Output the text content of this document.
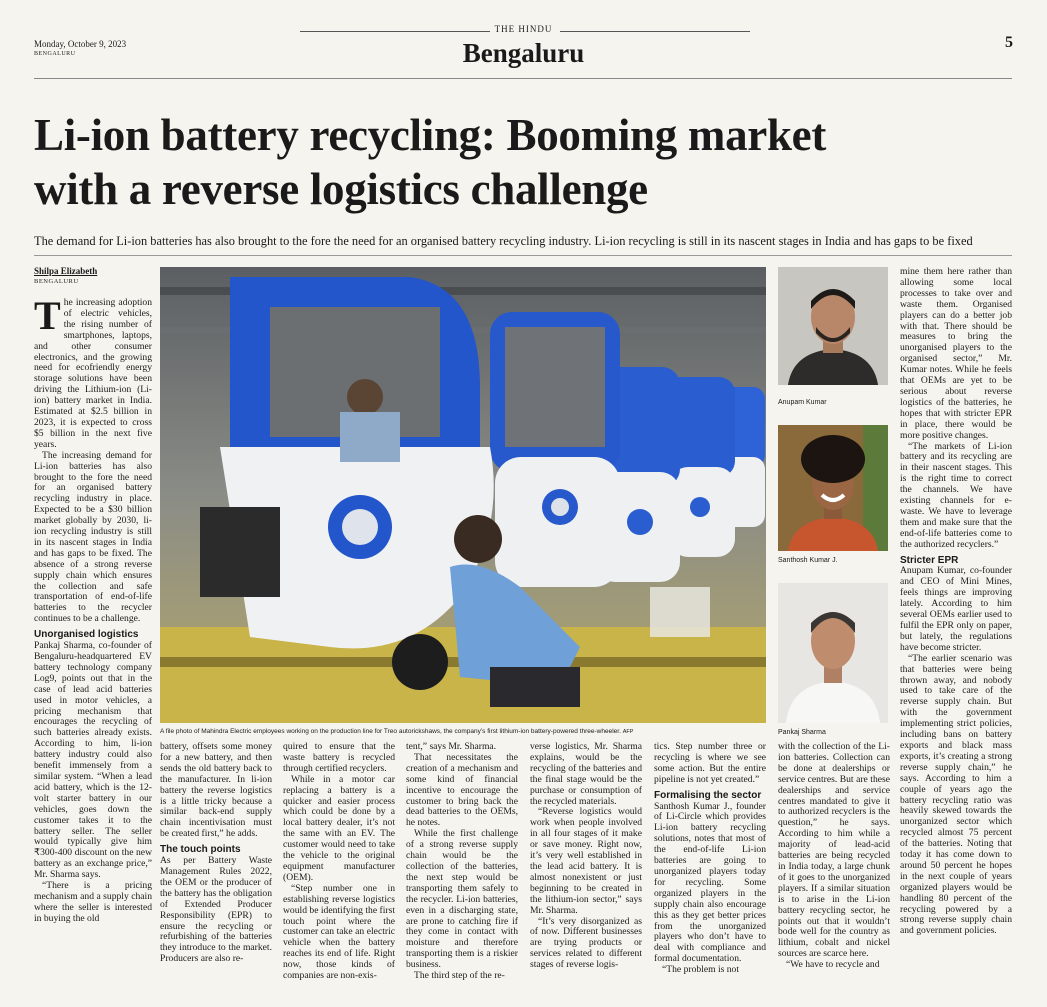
Monday, October 9, 2023
BENGALURU
THE HINDU
Bengaluru	5
Li-ion battery recycling: Booming market
with a reverse logistics challenge
The demand for Li-ion batteries has also brought to the fore the need for an organised battery recycling industry. Li-ion recycling is still in its nascent stages in India and has gaps to be fixed
Shilpa Elizabeth
BENGALURU
T he increasing adoption of electric vehicles, the rising number of smartphones, laptops, and other consumer electronics, and the growing need for ecofriendly energy storage solutions have been driving the Lithium-ion (Li-ion) battery market in India. Estimated at $2.5 billion in 2023, it is expected to cross $5 billion in the next five years.

The increasing demand for Li-ion batteries has also brought to the fore the need for an organised battery recycling industry in place. Expected to be a $30 billion market globally by 2030, li-ion recycling industry is still in its nascent stages in India and has gaps to be fixed. The absence of a strong reverse supply chain which ensures the collection and safe transportation of end-of-life batteries to the recycler continues to be a challenge.

Unorganised logistics

Pankaj Sharma, co-founder of Bengaluru-headquartered EV battery technology company Log9, points out that in the case of lead acid batteries used in motor vehicles, a pricing mechanism that encourages the recycling of such batteries already exists. According to him, li-ion battery industry could also benefit immensely from a similar system. “When a lead acid battery, which is the 12-volt starter battery in our vehicles, goes down the customer takes it to the battery seller. The seller would typically give him ₹300-400 discount on the new battery as an exchange price,” Mr. Sharma says.

“There is a pricing mechanism and a supply chain where the seller is interested in buying the old

A file photo of Mahindra Electric employees working on the production line for Treo autorickshaws, the company’s first lithium-ion battery-powered three-wheeler. AFP

battery, offsets some money for a new battery, and then sends the old battery back to the manufacturer. In li-ion battery the reverse logistics is a little tricky because a similar back-end supply chain incentivisation must be created first,” he adds.

The touch points

As per Battery Waste Management Rules 2022, the OEM or the producer of the battery has the obligation of Extended Producer Responsibility (EPR) to ensure the recycling or refurbishing of the batteries they introduce to the market. Producers are also re-

quired to ensure that the waste battery is recycled through certified recyclers.

While in a motor car replacing a battery is a quicker and easier process which could be done by a local battery dealer, it’s not the same with an EV. The customer would need to take the vehicle to the original equipment manufacturer (OEM).

“Step number one in establishing reverse logistics would be identifying the first touch point where the customer can take an electric vehicle when the battery reaches its end of life. Right now, those kinds of companies are non-exis-

tent,” says Mr. Sharma.

That necessitates the creation of a mechanism and some kind of financial incentive to encourage the customer to bring back the dead batteries to the OEMs, he notes.

While the first challenge of a strong reverse supply chain would be the collection of the batteries, the next step would be transporting them safely to the recycler. Li-ion batteries, even in a discharging state, are prone to catching fire if they come in contact with moisture and therefore transporting them is a riskier business.

The third step of the re-

verse logistics, Mr. Sharma explains, would be the recycling of the batteries and the final stage would be the purchase or consumption of the recycled materials.

“Reverse logistics would work when people involved in all four stages of it make or save money. Right now, it’s very well established in the lead acid battery. It is almost nonexistent or just beginning to be created in the lithium-ion sector,” says Mr. Sharma.

“It’s very disorganized as of now. Different businesses are trying products or services related to different stages of reverse logis-

tics. Step number three or recycling is where we see some action. But the entire pipeline is not yet created.”

Formalising the sector

Santhosh Kumar J., founder of Li-Circle which provides Li-ion battery recycling solutions, notes that most of the end-of-life Li-ion batteries are going to unorganized players today for recycling. Some organized players in the supply chain also encourage this as they get better prices from the unorganized players who don’t have to deal with compliance and formal documentation.

“The problem is not

with the collection of the Li-ion batteries. Collection can be done at dealerships or service centres. But are these dealerships and service centres mandated to give it to authorized recyclers is the question,” he says. According to him while a majority of lead-acid batteries are being recycled in India today, a large chunk of it goes to the unorganized players. If a similar situation is to arise in the Li-ion battery recycling sector, he points out that it wouldn’t bode well for the country as lithium, cobalt and nickel sources are scarce here.

“We have to recycle and

Anupam Kumar
Santhosh Kumar J.
Pankaj Sharma

mine them here rather than allowing some local processes to take over and waste them. Organised players can do a better job with that. There should be measures to bring the unorganised players to the organised sector,” Mr. Kumar notes. While he feels that OEMs are yet to be serious about reverse logistics of the batteries, he hopes that with stricter EPR in place, there would be more positive changes.

“The markets of Li-ion battery and its recycling are in their nascent stages. This is the right time to correct the channels. We have existing channels for e-waste. We have to leverage them and make sure that the end-of-life batteries come to the authorized recyclers.”

Stricter EPR

Anupam Kumar, co-founder and CEO of Mini Mines, feels things are improving lately. According to him several OEMs earlier used to fulfil the EPR only on paper, but lately, the regulations have become stricter.

“The earlier scenario was that batteries were being thrown away, and nobody used to take care of the reverse supply chain. But with the government implementing strict policies, including bans on battery exports and black mass exports, it’s creating a strong reverse supply chain,” he says. According to him a couple of years ago the battery recycling ratio was heavily skewed towards the unorganized sector which recycled almost 75 percent of the batteries. Noting that today it has come down to around 50 percent he hopes in the next couple of years organized players would be handling 80 percent of the recycling powered by a strong reverse supply chain and government policies.
